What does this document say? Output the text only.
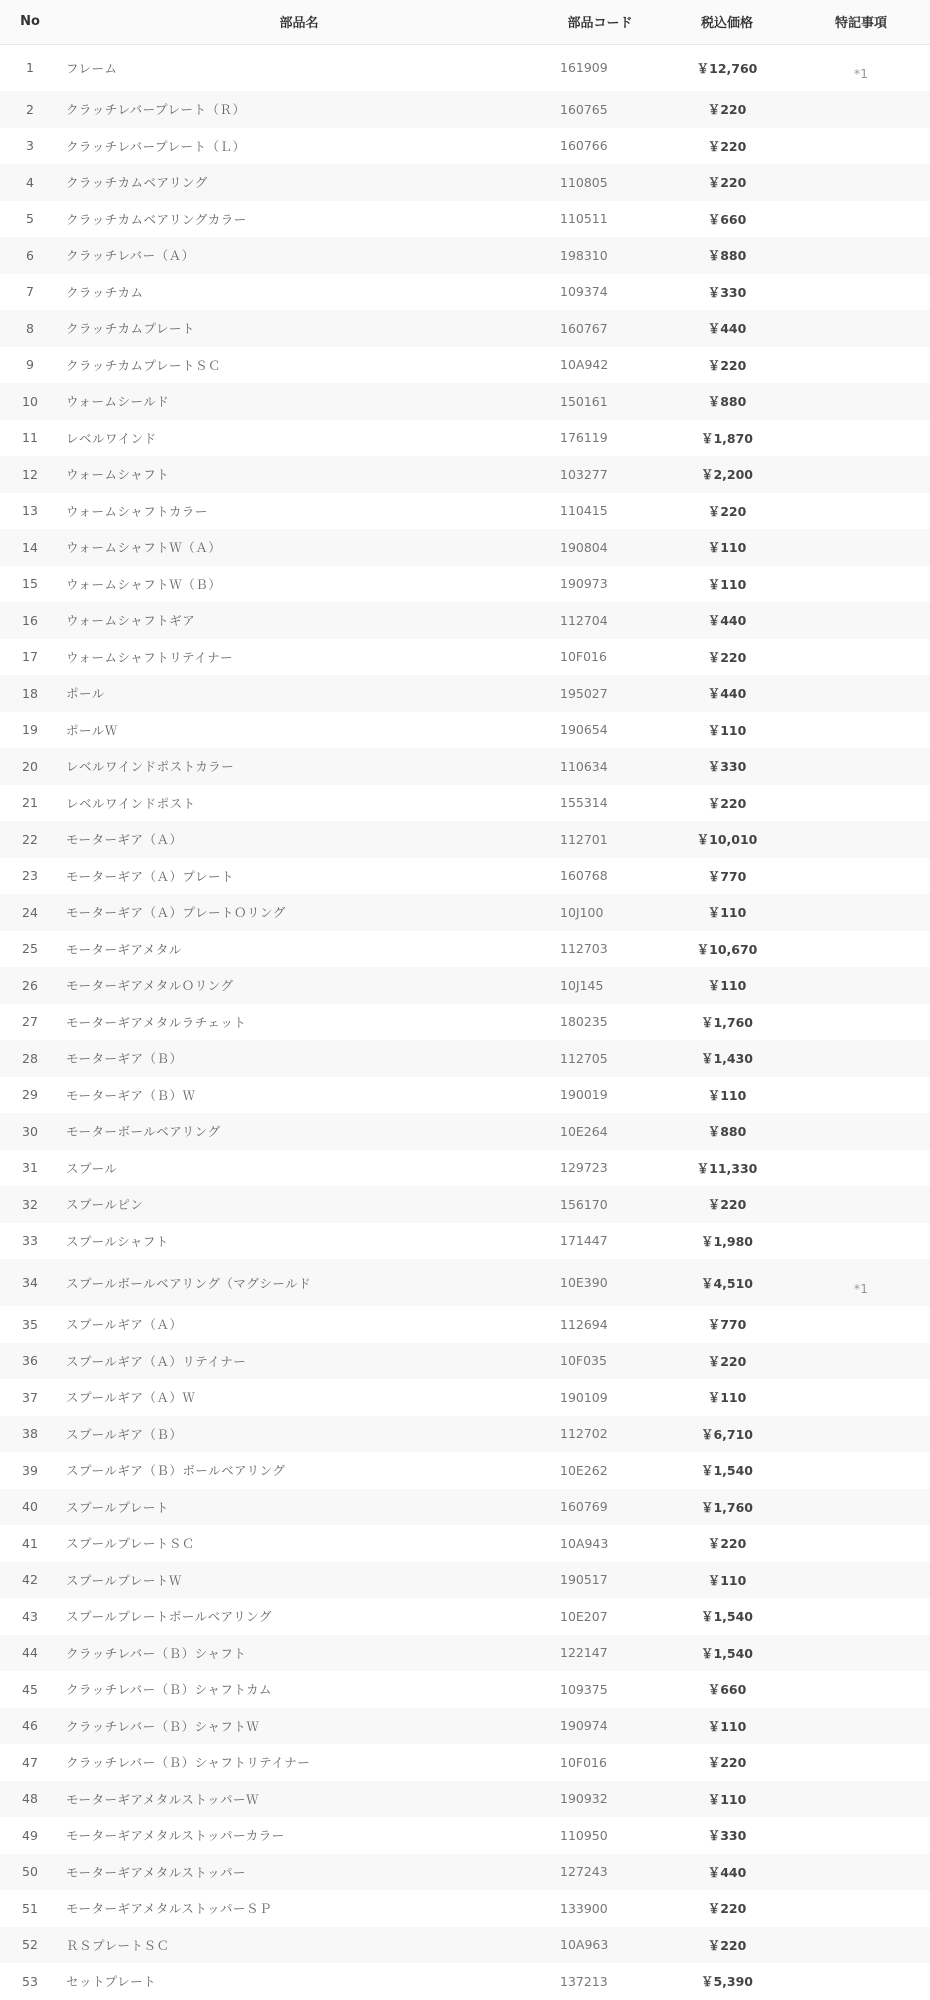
No	部品名	部品コード	税込価格	特記事項
1	フレーム	161909	￥12,760	*1
2	クラッチレバープレート（Ｒ）	160765	￥220	
3	クラッチレバープレート（Ｌ）	160766	￥220	
4	クラッチカムベアリング	110805	￥220	
5	クラッチカムベアリングカラー	110511	￥660	
6	クラッチレバー（Ａ）	198310	￥880	
7	クラッチカム	109374	￥330	
8	クラッチカムプレート	160767	￥440	
9	クラッチカムプレートＳＣ	10A942	￥220	
10	ウォームシールド	150161	￥880	
11	レベルワインド	176119	￥1,870	
12	ウォームシャフト	103277	￥2,200	
13	ウォームシャフトカラー	110415	￥220	
14	ウォームシャフトＷ（Ａ）	190804	￥110	
15	ウォームシャフトＷ（Ｂ）	190973	￥110	
16	ウォームシャフトギア	112704	￥440	
17	ウォームシャフトリテイナー	10F016	￥220	
18	ポール	195027	￥440	
19	ポールＷ	190654	￥110	
20	レベルワインドポストカラー	110634	￥330	
21	レベルワインドポスト	155314	￥220	
22	モーターギア（Ａ）	112701	￥10,010	
23	モーターギア（Ａ）プレート	160768	￥770	
24	モーターギア（Ａ）プレートＯリング	10J100	￥110	
25	モーターギアメタル	112703	￥10,670	
26	モーターギアメタルＯリング	10J145	￥110	
27	モーターギアメタルラチェット	180235	￥1,760	
28	モーターギア（Ｂ）	112705	￥1,430	
29	モーターギア（Ｂ）Ｗ	190019	￥110	
30	モーターボールベアリング	10E264	￥880	
31	スプール	129723	￥11,330	
32	スプールピン	156170	￥220	
33	スプールシャフト	171447	￥1,980	
34	スプールボールベアリング（マグシールド	10E390	￥4,510	*1
35	スプールギア（Ａ）	112694	￥770	
36	スプールギア（Ａ）リテイナー	10F035	￥220	
37	スプールギア（Ａ）Ｗ	190109	￥110	
38	スプールギア（Ｂ）	112702	￥6,710	
39	スプールギア（Ｂ）ボールベアリング	10E262	￥1,540	
40	スプールプレート	160769	￥1,760	
41	スプールプレートＳＣ	10A943	￥220	
42	スプールプレートＷ	190517	￥110	
43	スプールプレートボールベアリング	10E207	￥1,540	
44	クラッチレバー（Ｂ）シャフト	122147	￥1,540	
45	クラッチレバー（Ｂ）シャフトカム	109375	￥660	
46	クラッチレバー（Ｂ）シャフトＷ	190974	￥110	
47	クラッチレバー（Ｂ）シャフトリテイナー	10F016	￥220	
48	モーターギアメタルストッパーＷ	190932	￥110	
49	モーターギアメタルストッパーカラー	110950	￥330	
50	モーターギアメタルストッパー	127243	￥440	
51	モーターギアメタルストッパーＳＰ	133900	￥220	
52	ＲＳプレートＳＣ	10A963	￥220	
53	セットプレート	137213	￥5,390	
